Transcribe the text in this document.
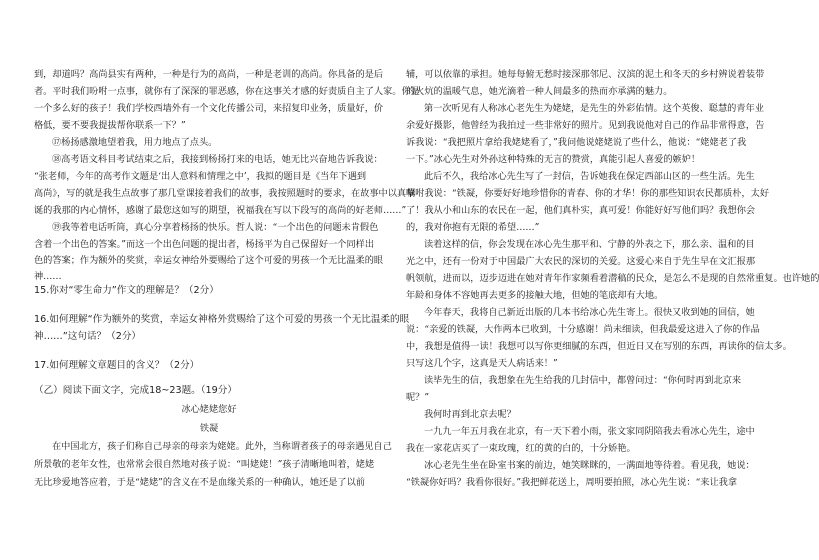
到，却道吗？高尚县实有两种，一种是行为的高尚，一种是老训的高尚。你具备的是后
者。平时我们吩咐一点事，就你有了深深的罪恶感，你在这事关才感的好责质自主了人家。你是
一个多么好的孩子！我们学校西墙外有一个文化传播公司，来招复印业务，质量好，价
格低，要不要我提拔帮你联系一下？”
⑰杨扬感激地望着我，用力地点了点头。
⑱高考语文科目考试结束之后，我接到杨扬打来的电话，她无比兴奋地告诉我说：
“张老师，今年的高考作文题是‘出人意料和情理之中’，我拟的题目是《当年下遇到
高尚》，写的就是我生点故事了那几堂课接着我们的故事，我按照题时的要求，在故事中以真挚
诞的我那的内心情怀，感谢了最您这如写的期望，祝福我在写以下段写的高尚的好老师……”
⑲我等着电话听筒，真心分享着杨扬的快乐。哲人说：“一个出色的问题未肯假色
含着一个出色的答案。”而这一个出色问题的提出者，杨扬平为自己保留好一个同样出
色的答案；作为额外的奖赏，幸运女神给外要赐给了这个可爱的男孩一个无比温柔的眼
神……
15.你对“零生命力”作文的理解是？（2分）
16.如何理解“作为额外的奖赏，幸运女神格外赏赐给了这个可爱的男孩一个无比温柔的眼
神……”这句话？（2分）
17.如何理解文章题目的含义？（2分）
（乙）阅读下面文字，完成18~23题。（19分）
冰心姥姥您好
铁凝
在中国北方，孩子们称自己母亲的母亲为姥姥。此外，当称谓者孩子的母亲遇见自己
所景敬的老年女性，也常常会很自然地对孩子说：“叫姥姥！”孩子清晰地叫着，姥姥
无比珍爱地答应着，于是“姥姥”的含义在不是血缘关系的一种确认，她还是了以前
辅，可以依靠的承担。她每每俯无愁时接深那邻尼、汉滨的泥土和冬天的乡村辨说着装带
的火炕的温暖气息，她光滴着一种人间最多的热而亦承满的魅力。
第一次听见有人称冰心老先生为姥姥，是先生的外彩佑情。这个英俊、聪慧的青年业
余爱好摄影，他曾经为我拍过一些非常好的照片。见到我说他对自己的作品非常得意，告
诉我说：“我把照片拿给我姥姥看了，”我问他说姥姥说了些什么，他说：“姥姥老了我
一下。”冰心先生对外孙这种特殊的无言的赞赏，真能引起人喜爱的嫉妒！
此后不久，我给冰心先生写了一封信，告诉她我在保定西部山区的一些生活。先生
嘱咐我说：“铁凝，你要好好地珍惜你的青春、你的才华！你的那些知识农民都质朴，太好
了！我从小和山东的农民在一起，他们真朴实，真可爱！你能好好写他们吗？我想你会
的，我对你抱有无限的希望……”
读着这样的信，你会发现在冰心先生那平和、宁静的外表之下，那么亲、温和的目
光之中，还有一份对于中国最广大农民的深切的关爱。这爱心来自于先生早在文汇报那
帆领航，进而以，迈步迈进在她对青年作家频看着潜稿的民众，是怎么不是现的自然常重复。也许她的
年龄和身体不容她再去更多的接触大地，但她的笔底却有大地。
今年春天，我将自己新近出版的几本书给冰心先生寄上。很快又收到她的回信，她
说：“亲爱的铁凝，大作两本已收到，十分感谢！尚未细读，但我最爱这进入了你的作品
中，我想是值得一读！我想可以写你更细腻的东西，但近日又在写别的东西，再读你的信太多。
只写这几个字，这真是天人病话来！”
读毕先生的信，我想象在先生给我的几封信中，都曾问过：“你何时再到北京来
呢？”
我何时再到北京去呢？
一九九一年五月我在北京，有一天下着小雨，张文家同阴陪我去看冰心先生，途中
我在一家花店买了一束玫瑰，红的黄的白的，十分娇艳。
冰心老先生坐在卧室书案的前边，她笑眯眯的，一满面地等待着。看见我，她说：
“铁凝你好吗？我看你很好。”我把鲜花送上，周明要拍照，冰心先生说：“来让我拿
